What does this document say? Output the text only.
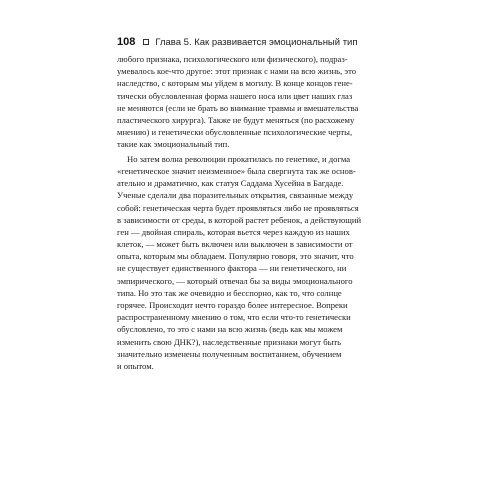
108 Глава 5. Как развивается эмоциональный тип
любого признака, психологического или физического), подраз-
умевалось кое-что другое: этот признак с нами на всю жизнь, это
наследство, с которым мы уйдем в могилу. В конце концов гене-
тически обусловленная форма нашего носа или цвет наших глаз
не меняются (если не брать во внимание травмы и вмешательства
пластического хирурга). Также не будут меняться (по расхожему
мнению) и генетически обусловленные психологические черты,
такие как эмоциональный тип.
Но затем волна революции прокатилась по генетике, и догма
«генетическое значит неизменное» была свергнута так же основ-
ательно и драматично, как статуя Саддама Хусейна в Багдаде.
Ученые сделали два поразительных открытия, связанные между
собой: генетическая черта будет проявляться либо не проявляться
в зависимости от среды, в которой растет ребенок, а действующий
ген — двойная спираль, которая вьется через каждую из наших
клеток, — может быть включен или выключен в зависимости от
опыта, которым мы обладаем. Популярно говоря, это значит, что
не существует единственного фактора — ни генетического, ни
эмпирического, — который отвечал бы за виды эмоционального
типа. Но это так же очевидно и бесспорно, как то, что солнце
горячее. Происходит нечто гораздо более интересное. Вопреки
распространенному мнению о том, что если что-то генетически
обусловлено, то это с нами на всю жизнь (ведь как мы можем
изменить свою ДНК?), наследственные признаки могут быть
значительно изменены полученным воспитанием, обучением
и опытом.
